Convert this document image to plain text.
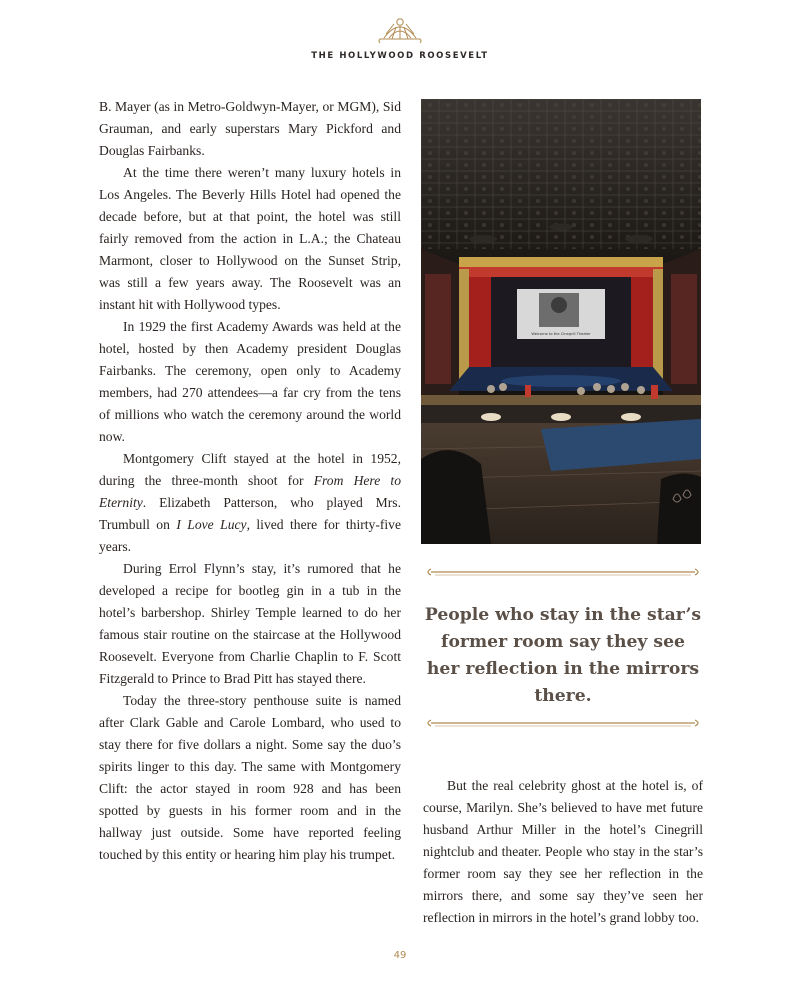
THE HOLLYWOOD ROOSEVELT

B. Mayer (as in Metro-Goldwyn-Mayer, or MGM), Sid Grauman, and early superstars Mary Pickford and Douglas Fairbanks.

At the time there weren’t many luxury hotels in Los Angeles. The Beverly Hills Hotel had opened the decade before, but at that point, the hotel was still fairly removed from the action in L.A.; the Chateau Marmont, closer to Hollywood on the Sunset Strip, was still a few years away. The Roosevelt was an instant hit with Hollywood types.

In 1929 the first Academy Awards was held at the hotel, hosted by then Academy president Douglas Fairbanks. The ceremony, open only to Academy members, had 270 attendees—a far cry from the tens of millions who watch the ceremony around the world now.

Montgomery Clift stayed at the hotel in 1952, during the three-month shoot for From Here to Eternity. Elizabeth Patterson, who played Mrs. Trumbull on I Love Lucy, lived there for thirty-five years.

During Errol Flynn’s stay, it’s rumored that he developed a recipe for bootleg gin in a tub in the hotel’s barbershop. Shirley Temple learned to do her famous stair routine on the staircase at the Hollywood Roosevelt. Everyone from Charlie Chaplin to F. Scott Fitzgerald to Prince to Brad Pitt has stayed there.

Today the three-story penthouse suite is named after Clark Gable and Carole Lombard, who used to stay there for five dollars a night. Some say the duo’s spirits linger to this day. The same with Montgomery Clift: the actor stayed in room 928 and has been spotted by guests in his former room and in the hallway just outside. Some have reported feeling touched by this entity or hearing him play his trumpet.

Welcome to the Cinegrill Theater
People who stay in the star’s former room say they see her reflection in the mirrors there.

But the real celebrity ghost at the hotel is, of course, Marilyn. She’s believed to have met future husband Arthur Miller in the hotel’s Cinegrill nightclub and theater. People who stay in the star’s former room say they see her reflection in the mirrors there, and some say they’ve seen her reflection in mirrors in the hotel’s grand lobby too.

49
